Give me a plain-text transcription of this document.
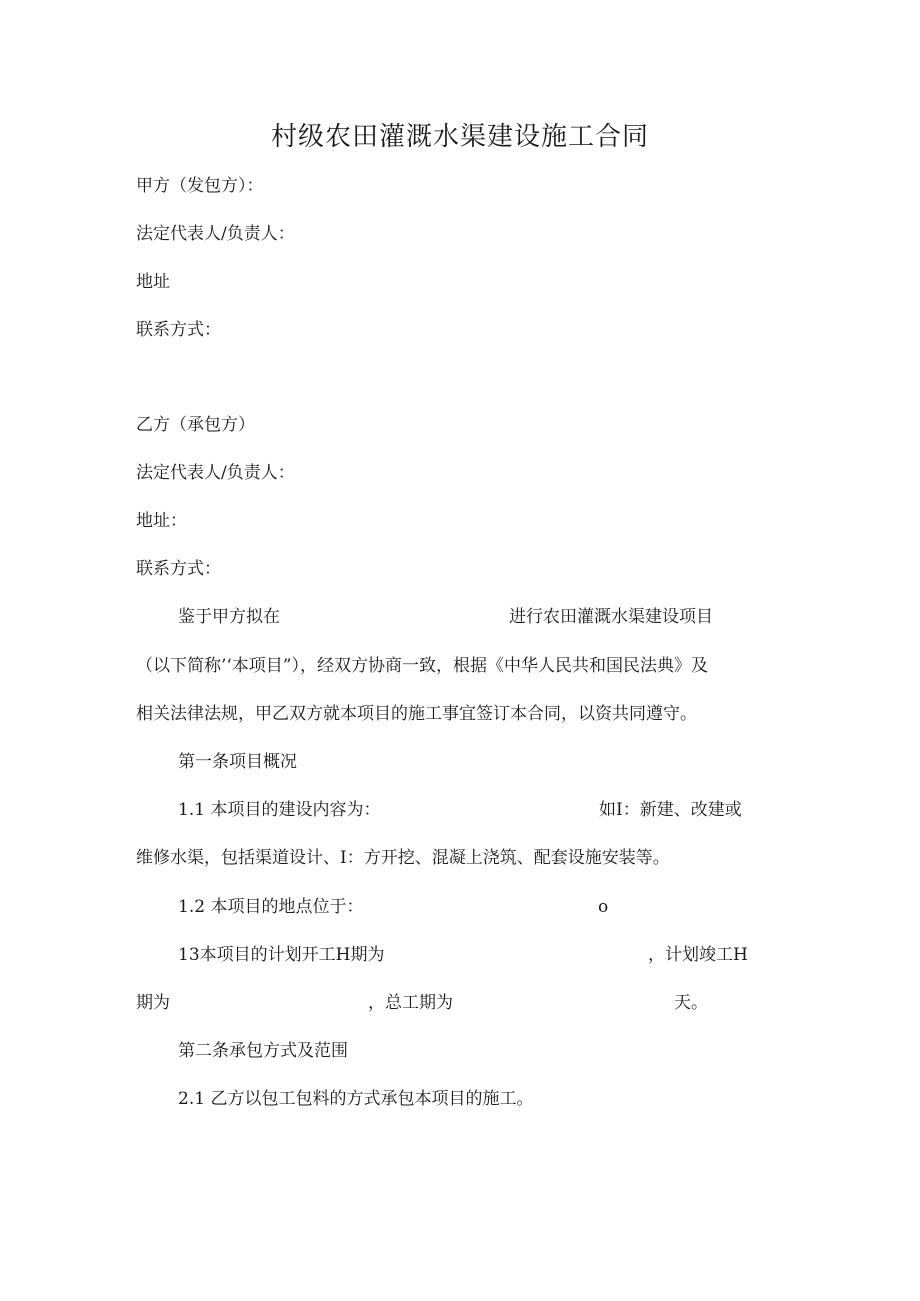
村级农田灌溉水渠建设施工合同
甲方（发包方）：
法定代表人/负责人：
地址
联系方式：
乙方（承包方）
法定代表人/负责人：
地址：
联系方式：
鉴于甲方拟在	进行农田灌溉水渠建设项目
（以下简称’‘本项目”），经双方协商一致，根据《中华人民共和国民法典》及
相关法律法规，甲乙双方就本项目的施工事宜签订本合同，以资共同遵守。
第一条项目概况
1.1 本项目的建设内容为：	如I：新建、改建或
维修水渠，包括渠道设计、I：方开挖、混凝上浇筑、配套设施安装等。
1.2 本项目的地点位于：	o
13本项目的计划开工H期为	，计划竣工H
期为	，总工期为	天。
第二条承包方式及范围
2.1 乙方以包工包料的方式承包本项目的施工。
